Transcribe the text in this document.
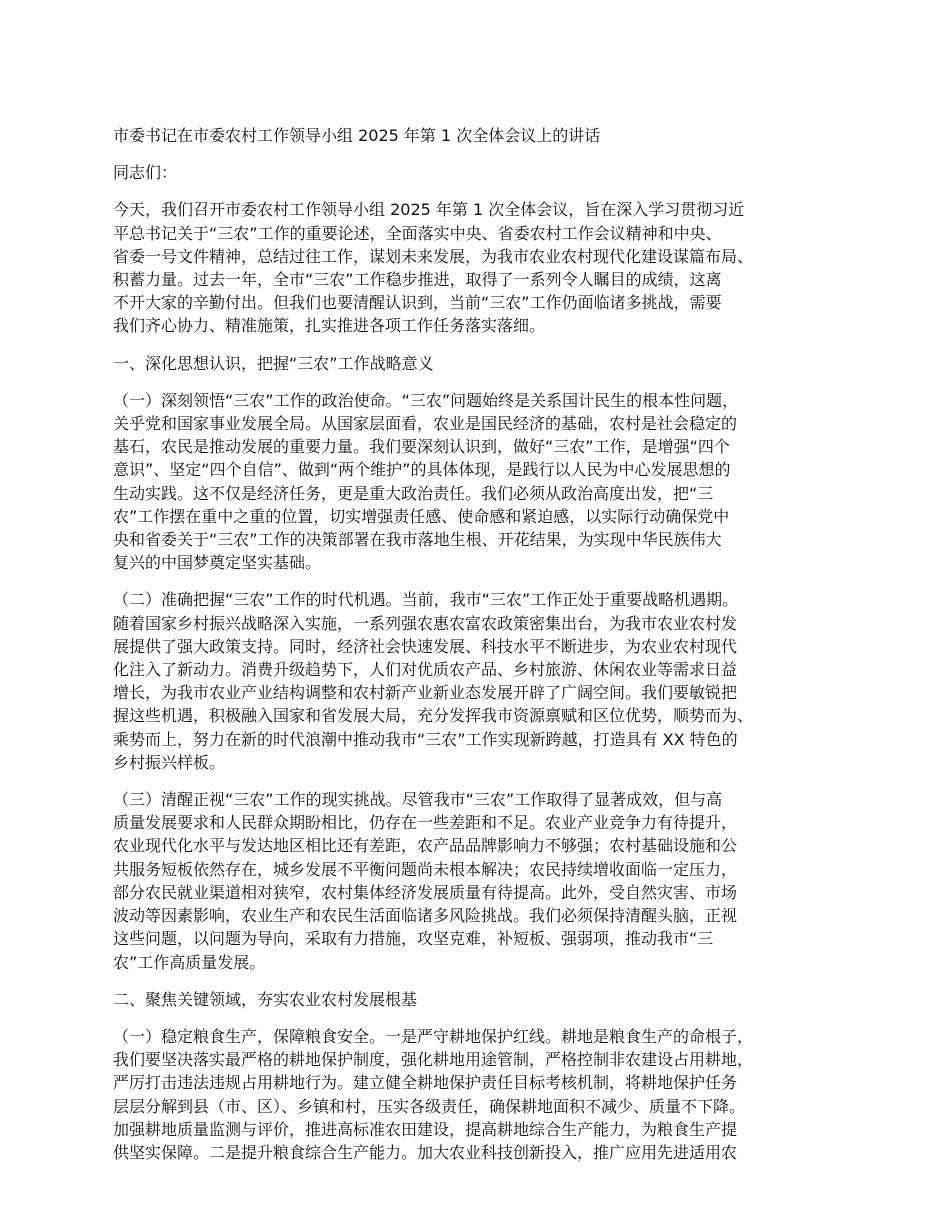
市委书记在市委农村工作领导小组 2025 年第 1 次全体会议上的讲话
同志们：
今天，我们召开市委农村工作领导小组 2025 年第 1 次全体会议，旨在深入学习贯彻习近
平总书记关于“三农”工作的重要论述，全面落实中央、省委农村工作会议精神和中央、
省委一号文件精神，总结过往工作，谋划未来发展，为我市农业农村现代化建设谋篇布局、
积蓄力量。过去一年，全市“三农”工作稳步推进，取得了一系列令人瞩目的成绩，这离
不开大家的辛勤付出。但我们也要清醒认识到，当前“三农”工作仍面临诸多挑战，需要
我们齐心协力、精准施策，扎实推进各项工作任务落实落细。
一、深化思想认识，把握“三农”工作战略意义
（一）深刻领悟“三农”工作的政治使命。“三农”问题始终是关系国计民生的根本性问题，
关乎党和国家事业发展全局。从国家层面看，农业是国民经济的基础，农村是社会稳定的
基石，农民是推动发展的重要力量。我们要深刻认识到，做好“三农”工作，是增强“四个
意识”、坚定“四个自信”、做到“两个维护”的具体体现，是践行以人民为中心发展思想的
生动实践。这不仅是经济任务，更是重大政治责任。我们必须从政治高度出发，把“三
农”工作摆在重中之重的位置，切实增强责任感、使命感和紧迫感，以实际行动确保党中
央和省委关于“三农”工作的决策部署在我市落地生根、开花结果，为实现中华民族伟大
复兴的中国梦奠定坚实基础。
（二）准确把握“三农”工作的时代机遇。当前，我市“三农”工作正处于重要战略机遇期。
随着国家乡村振兴战略深入实施，一系列强农惠农富农政策密集出台，为我市农业农村发
展提供了强大政策支持。同时，经济社会快速发展、科技水平不断进步，为农业农村现代
化注入了新动力。消费升级趋势下，人们对优质农产品、乡村旅游、休闲农业等需求日益
增长，为我市农业产业结构调整和农村新产业新业态发展开辟了广阔空间。我们要敏锐把
握这些机遇，积极融入国家和省发展大局，充分发挥我市资源禀赋和区位优势，顺势而为、
乘势而上，努力在新的时代浪潮中推动我市“三农”工作实现新跨越，打造具有 XX 特色的
乡村振兴样板。
（三）清醒正视“三农”工作的现实挑战。尽管我市“三农”工作取得了显著成效，但与高
质量发展要求和人民群众期盼相比，仍存在一些差距和不足。农业产业竞争力有待提升，
农业现代化水平与发达地区相比还有差距，农产品品牌影响力不够强；农村基础设施和公
共服务短板依然存在，城乡发展不平衡问题尚未根本解决；农民持续增收面临一定压力，
部分农民就业渠道相对狭窄，农村集体经济发展质量有待提高。此外，受自然灾害、市场
波动等因素影响，农业生产和农民生活面临诸多风险挑战。我们必须保持清醒头脑，正视
这些问题，以问题为导向，采取有力措施，攻坚克难，补短板、强弱项，推动我市“三
农”工作高质量发展。
二、聚焦关键领域，夯实农业农村发展根基
（一）稳定粮食生产，保障粮食安全。一是严守耕地保护红线。耕地是粮食生产的命根子，
我们要坚决落实最严格的耕地保护制度，强化耕地用途管制，严格控制非农建设占用耕地，
严厉打击违法违规占用耕地行为。建立健全耕地保护责任目标考核机制，将耕地保护任务
层层分解到县（市、区）、乡镇和村，压实各级责任，确保耕地面积不减少、质量不下降。
加强耕地质量监测与评价，推进高标准农田建设，提高耕地综合生产能力，为粮食生产提
供坚实保障。二是提升粮食综合生产能力。加大农业科技创新投入，推广应用先进适用农
